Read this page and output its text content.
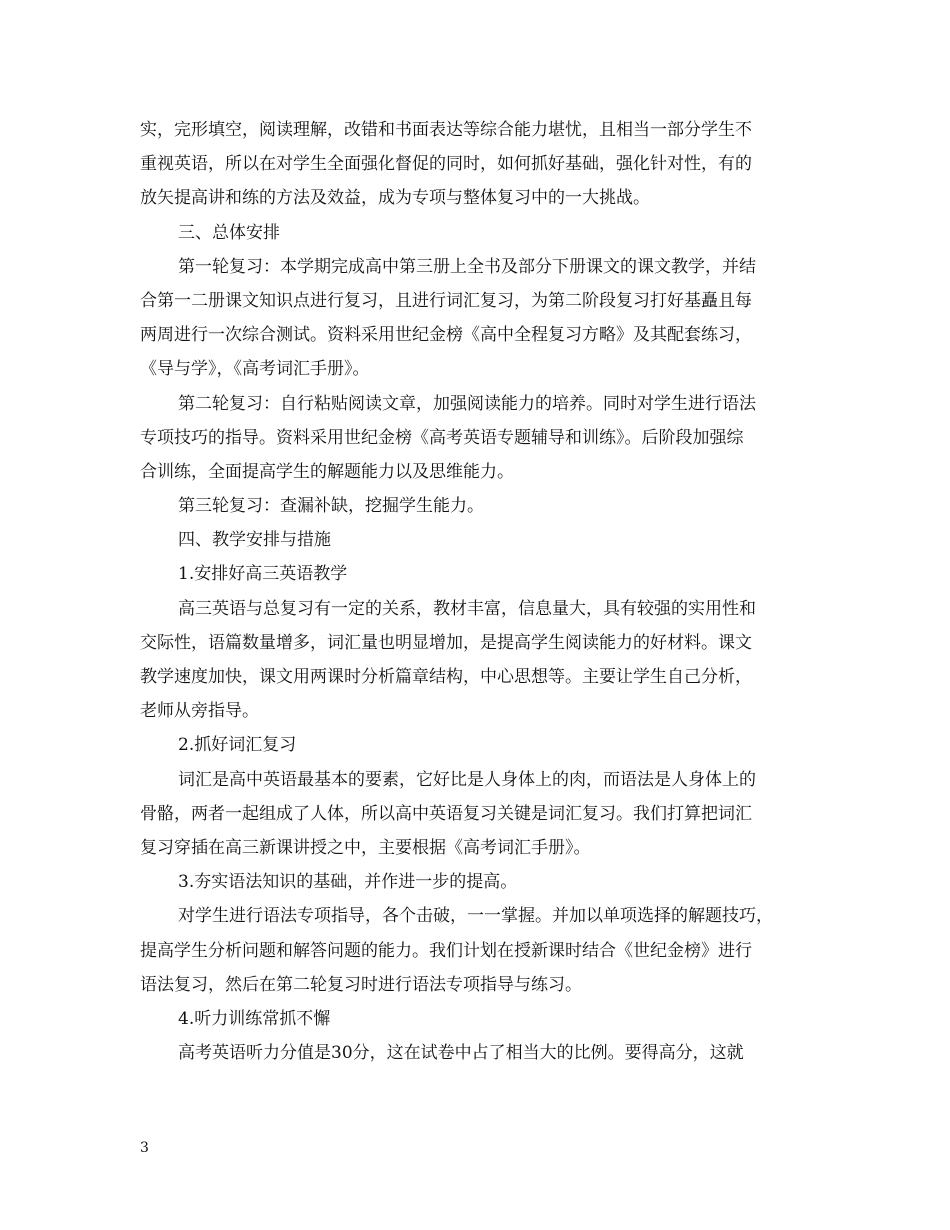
实，完形填空，阅读理解，改错和书面表达等综合能力堪忧，且相当一部分学生不
重视英语，所以在对学生全面强化督促的同时，如何抓好基础，强化针对性，有的
放矢提高讲和练的方法及效益，成为专项与整体复习中的一大挑战。
三、总体安排
第一轮复习：本学期完成高中第三册上全书及部分下册课文的课文教学，并结
合第一二册课文知识点进行复习，且进行词汇复习，为第二阶段复习打好基矗且每
两周进行一次综合测试。资料采用世纪金榜《高中全程复习方略》及其配套练习，
《导与学》，《高考词汇手册》。
第二轮复习：自行粘贴阅读文章，加强阅读能力的培养。同时对学生进行语法
专项技巧的指导。资料采用世纪金榜《高考英语专题辅导和训练》。后阶段加强综
合训练，全面提高学生的解题能力以及思维能力。
第三轮复习：查漏补缺，挖掘学生能力。
四、教学安排与措施
1.安排好高三英语教学
高三英语与总复习有一定的关系，教材丰富，信息量大，具有较强的实用性和
交际性，语篇数量增多，词汇量也明显增加，是提高学生阅读能力的好材料。课文
教学速度加快，课文用两课时分析篇章结构，中心思想等。主要让学生自己分析，
老师从旁指导。
2.抓好词汇复习
词汇是高中英语最基本的要素，它好比是人身体上的肉，而语法是人身体上的
骨骼，两者一起组成了人体，所以高中英语复习关键是词汇复习。我们打算把词汇
复习穿插在高三新课讲授之中，主要根据《高考词汇手册》。
3.夯实语法知识的基础，并作进一步的提高。
对学生进行语法专项指导，各个击破，一一掌握。并加以单项选择的解题技巧，
提高学生分析问题和解答问题的能力。我们计划在授新课时结合《世纪金榜》进行
语法复习，然后在第二轮复习时进行语法专项指导与练习。
4.听力训练常抓不懈
高考英语听力分值是30分，这在试卷中占了相当大的比例。要得高分，这就
3
